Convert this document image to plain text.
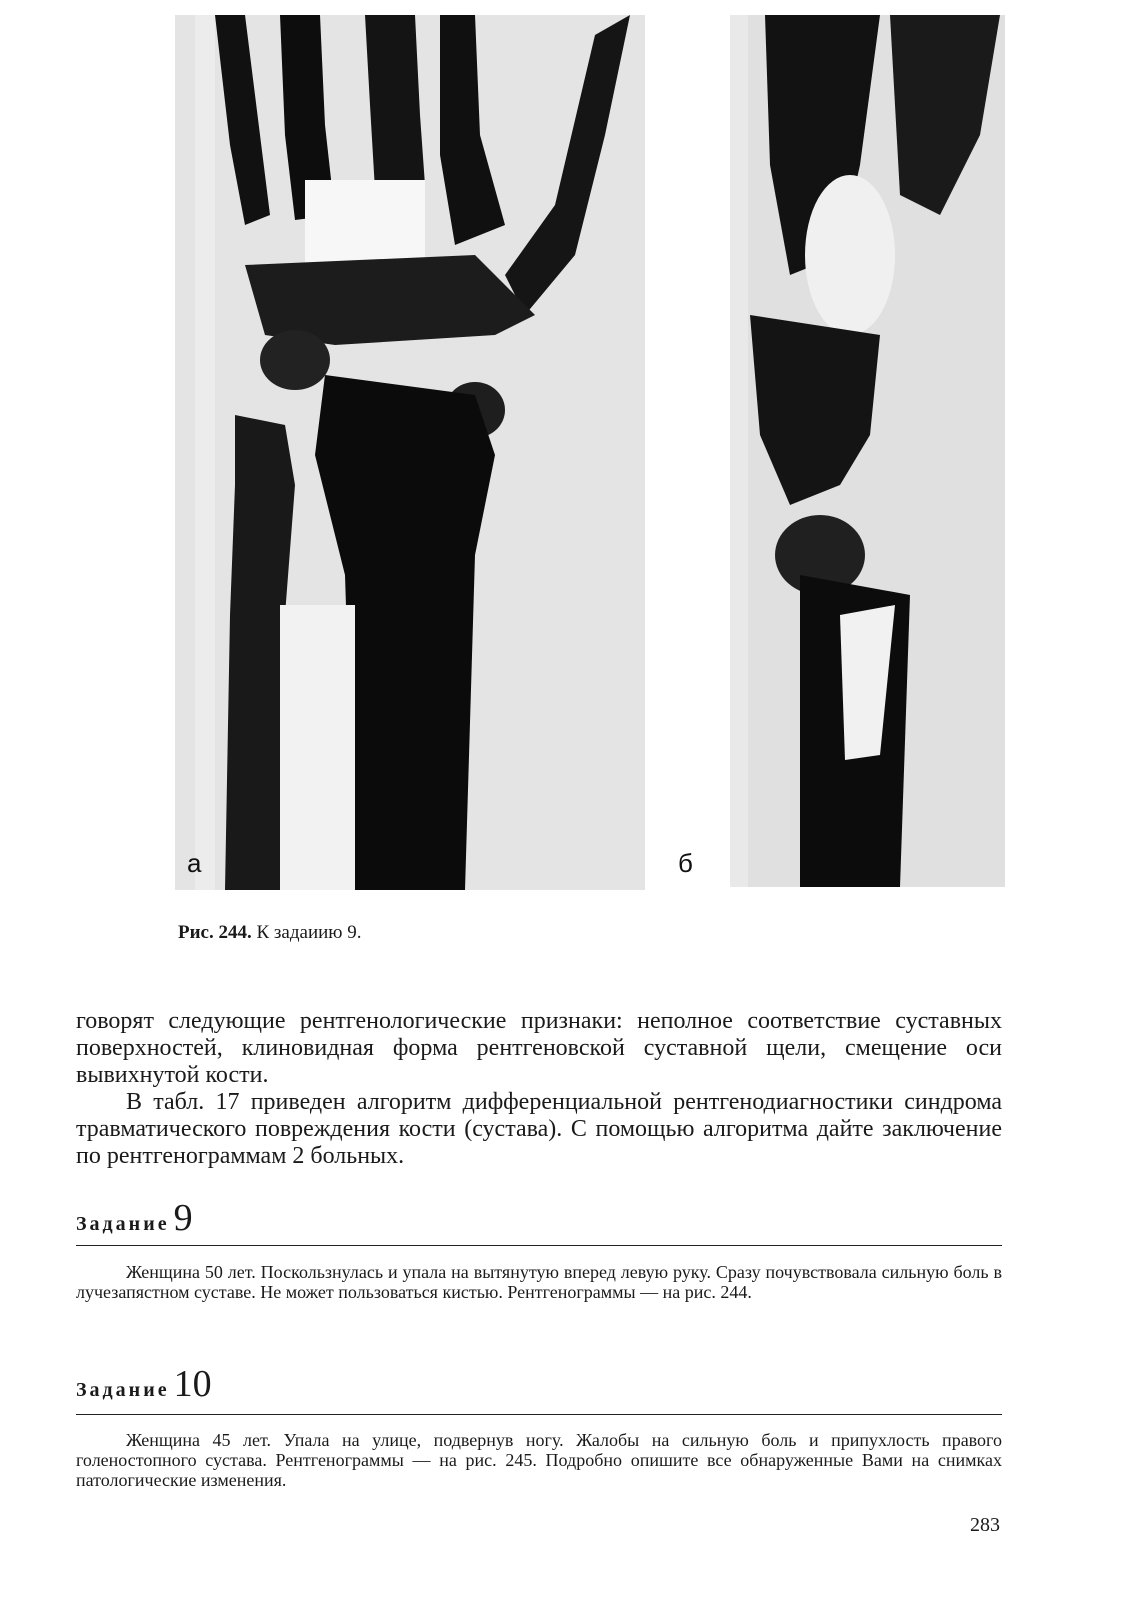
а	б
Рис. 244. К задаиию 9.

говорят следующие рентгенологические признаки: неполное соответствие суставных поверхностей, клиновидная форма рентгеновской суставной щели, смещение оси вывихнутой кости.

В табл. 17 приведен алгоритм дифференциальной рентгенодиагностики синдрома травматического повреждения кости (сустава). С помощью алгоритма дайте заключение по рентгенограммам 2 больных.

Задание 9

Женщина 50 лет. Поскользнулась и упала на вытянутую вперед левую руку. Сразу почувствовала сильную боль в лучезапястном суставе. Не может пользоваться кистью. Рентгенограммы — на рис. 244.

Задание 10

Женщина 45 лет. Упала на улице, подвернув ногу. Жалобы на сильную боль и припухлость правого голеностопного сустава. Рентгенограммы — на рис. 245. Подробно опишите все обнаруженные Вами на снимках патологические изменения.

283
